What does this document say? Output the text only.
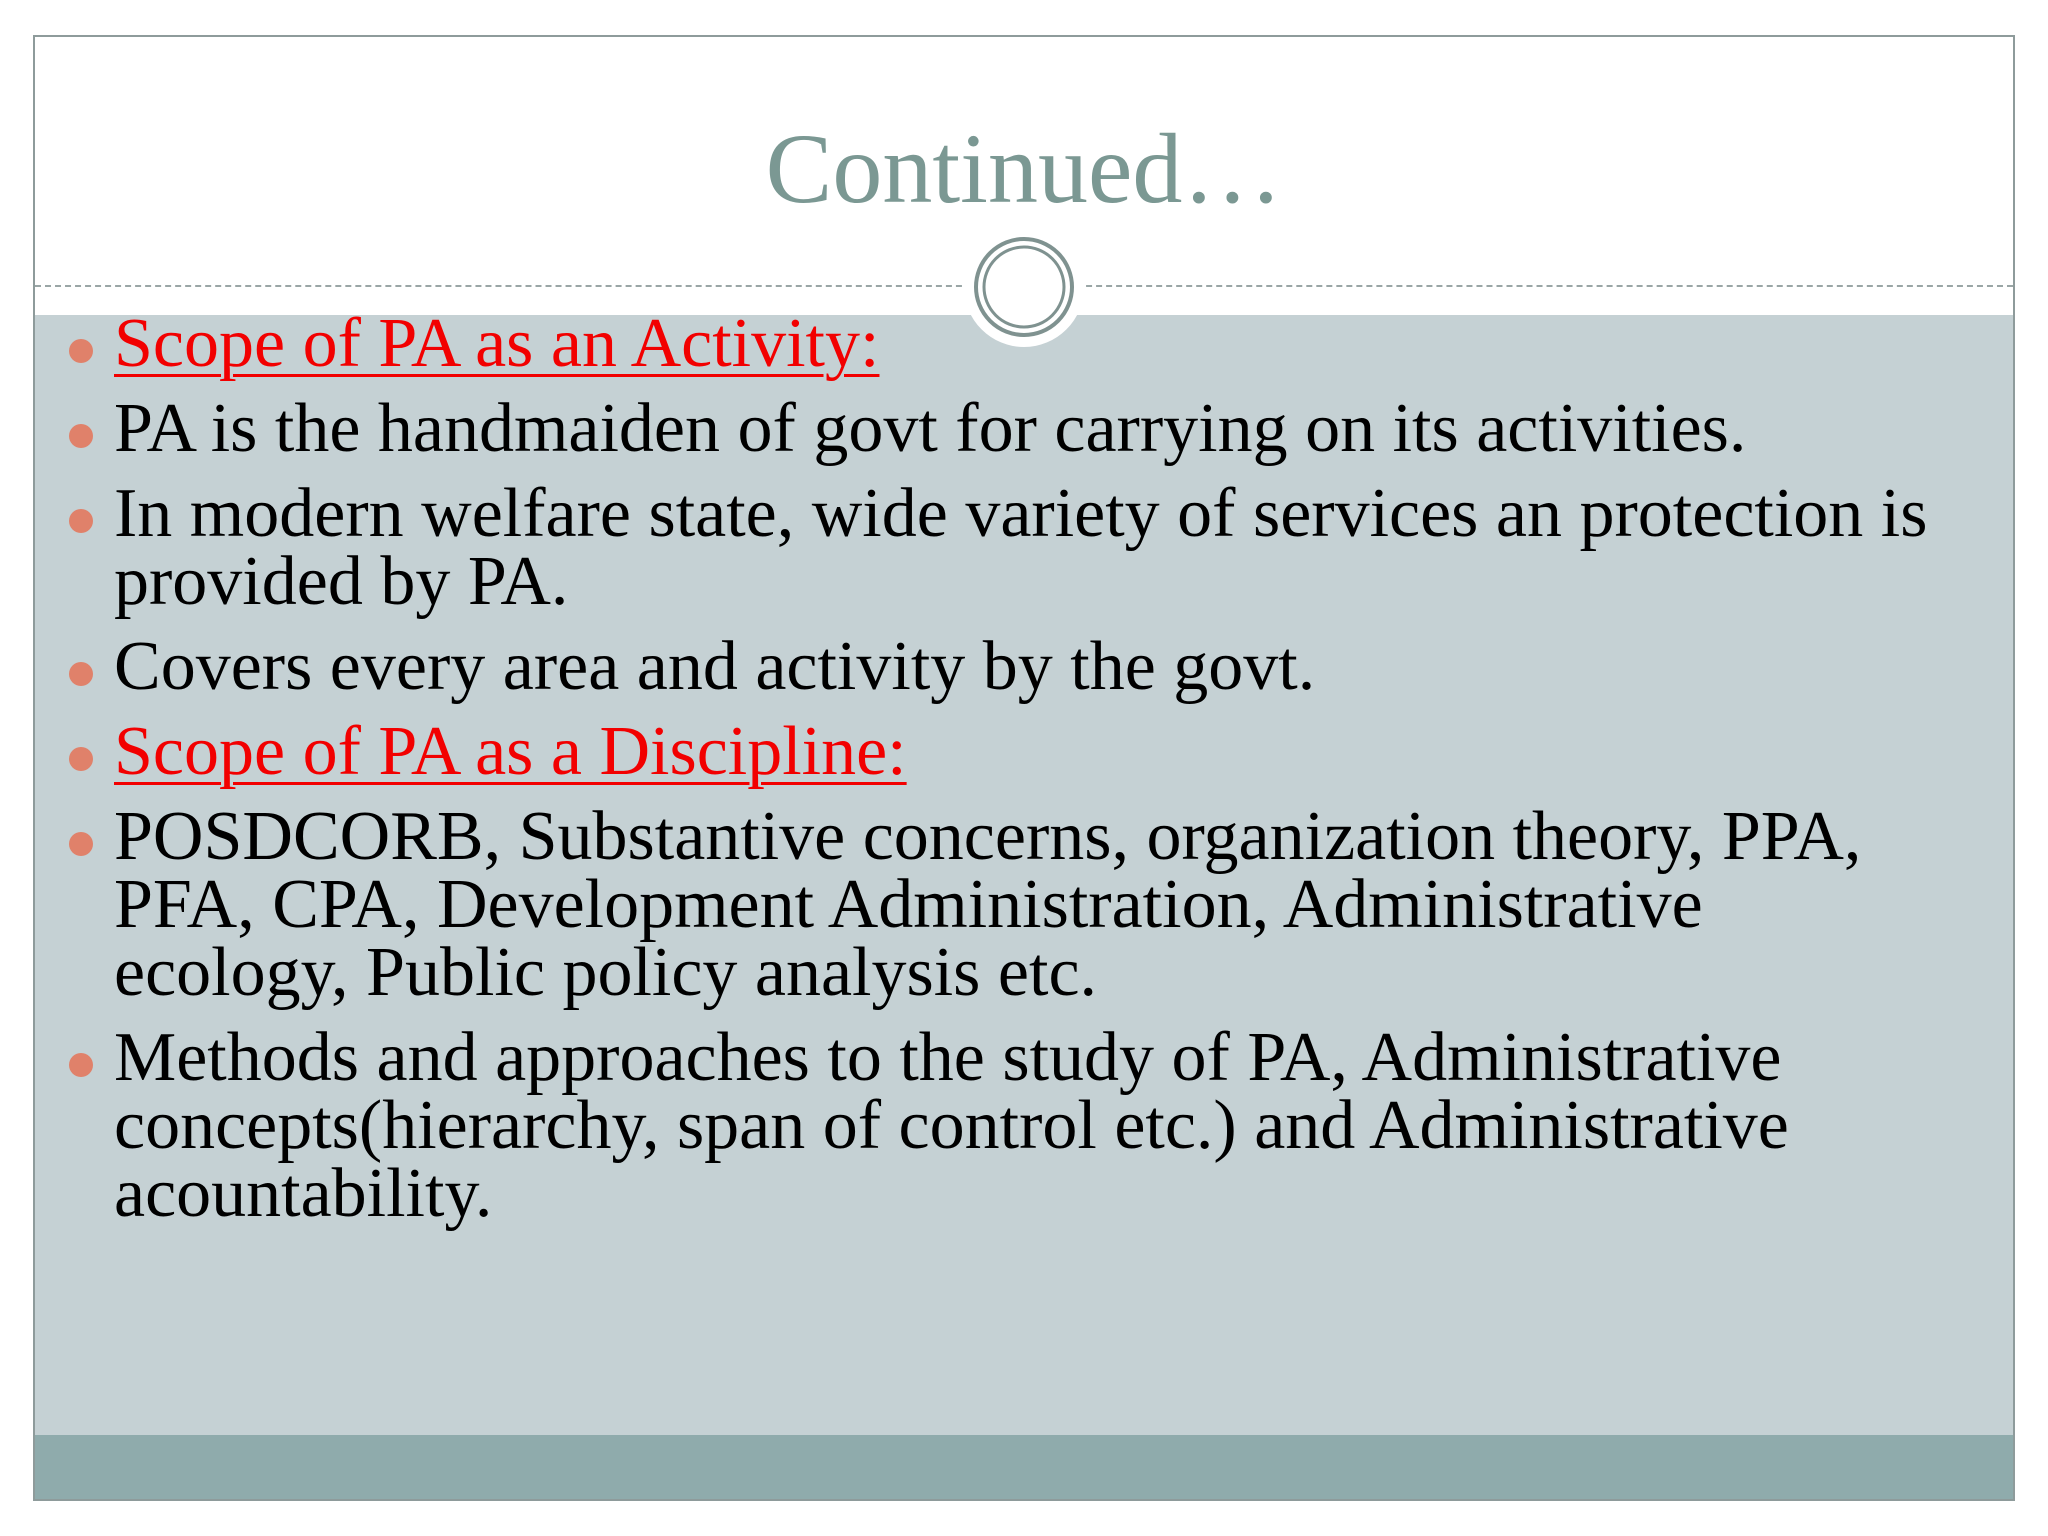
Continued…
Scope of PA as an Activity:
PA is the handmaiden of govt for carrying on its activities.
In modern welfare state, wide variety of services an protection is provided by PA.
Covers every area and activity by the govt.
Scope of PA as a Discipline:
POSDCORB, Substantive concerns, organization theory, PPA, PFA, CPA, Development Administration, Administrative ecology, Public policy analysis etc.
Methods and approaches to the study of PA, Administrative concepts(hierarchy, span of control etc.) and Administrative acountability.
